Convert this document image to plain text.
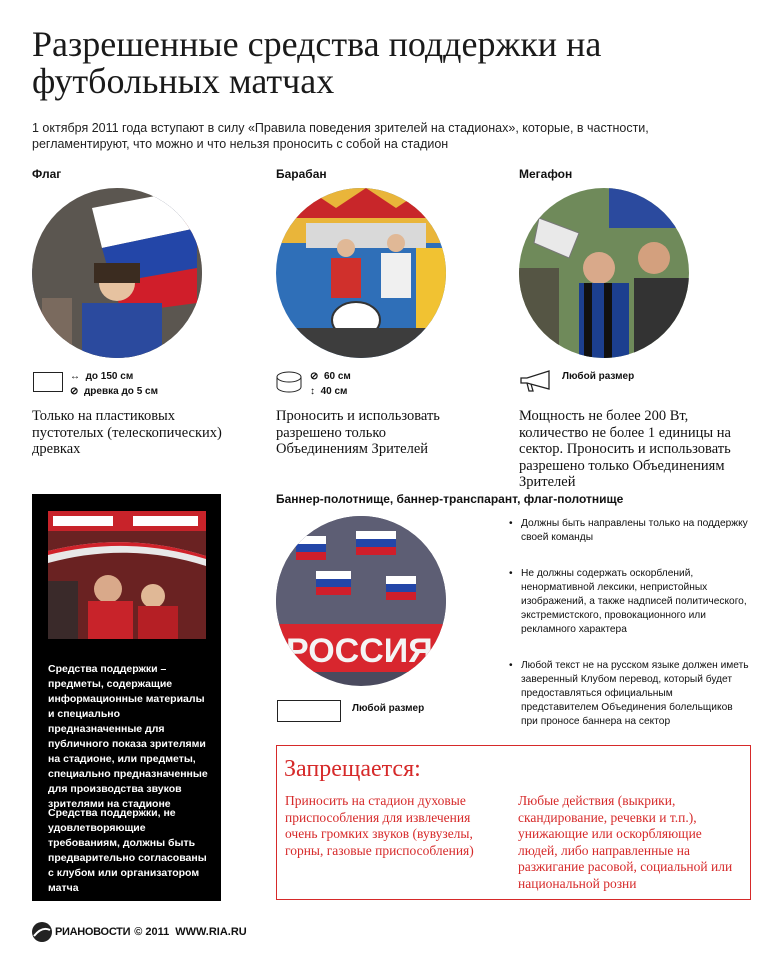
Разрешенные средства поддержки на футбольных матчах
1 октября 2011 года вступают в силу «Правила поведения зрителей на стадионах», которые, в частности, регламентируют, что можно и что нельзя проносить с собой на стадион
Флаг
↔ до 150 см
⊘ древка до 5 см
Только на пластиковых пустотелых (телескопических) древках
Барабан
⊘ 60 см
↕ 40 см
Проносить и использовать разрешено только Объединениям Зрителей
Мегафон
Любой размер
Мощность не более 200 Вт, количество не более 1 единицы на сектор. Проносить и использовать разрешено только Объединениям Зрителей
Средства поддержки – предметы, содержащие информационные материалы и специально предназначенные для публичного показа зрителями на стадионе, или предметы, специально предназначенные для производства звуков зрителями на стадионе
Средства поддержки, не удовлетворяющие требованиям, должны быть предварительно согласованы с клубом или организатором матча
Баннер-полотнище, баннер-транспарант, флаг-полотнище
РОССИЯ
Любой размер
• Должны быть направлены только на поддержку своей команды
• Не должны содержать оскорблений, ненормативной лексики, непристойных изображений, а также надписей политического, экстремистского, провокационного или рекламного характера
• Любой текст не на русском языке должен иметь заверенный Клубом перевод, который будет предоставляться официальным представителем Объединения болельщиков при проносе баннера на сектор
Запрещается:
Приносить на стадион духовые приспособления для извлечения очень громких звуков (вувузелы, горны, газовые приспособления)
Любые действия (выкрики, скандирование, речевки и т.п.), унижающие или оскорбляющие людей, либо направленные на разжигание расовой, социальной или национальной розни
РИАНОВОСТИ © 2011 WWW.RIA.RU
